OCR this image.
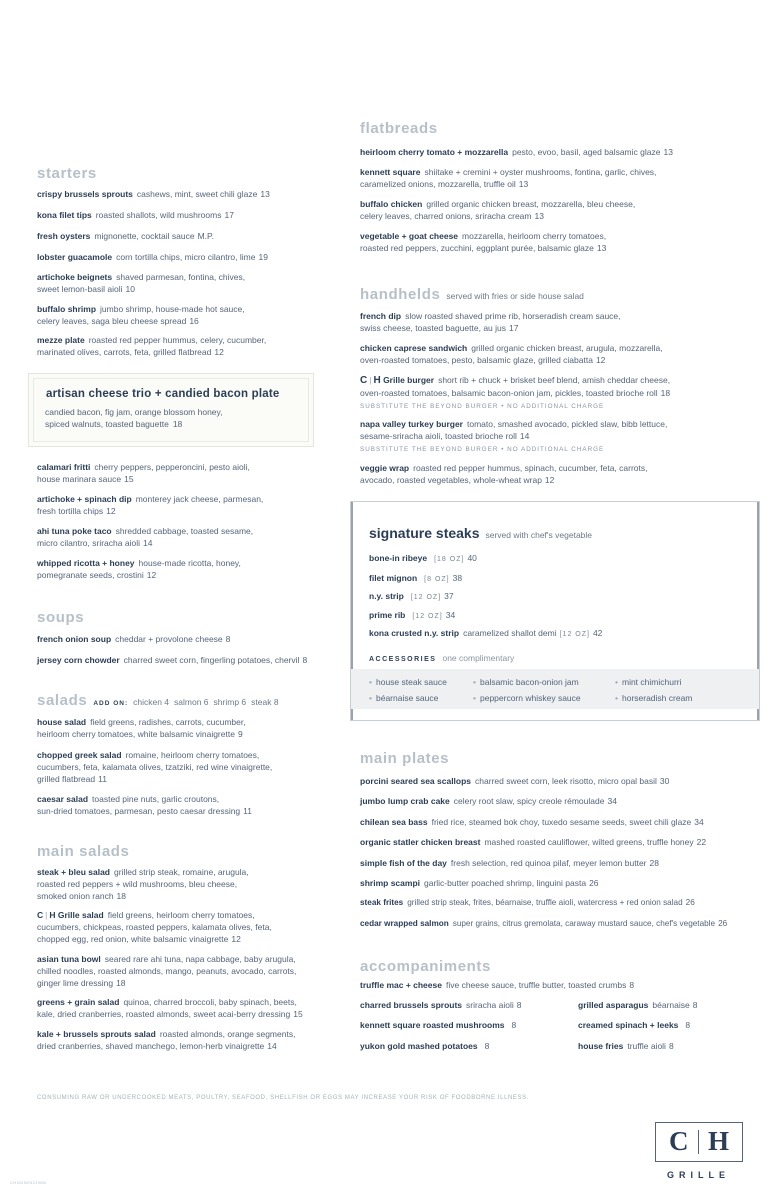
starters
crispy brussels sprouts cashews, mint, sweet chili glaze 13
kona filet tips roasted shallots, wild mushrooms 17
fresh oysters mignonette, cocktail sauce M.P.
lobster guacamole corn tortilla chips, micro cilantro, lime 19
artichoke beignets shaved parmesan, fontina, chives,
sweet lemon-basil aioli 10
buffalo shrimp jumbo shrimp, house-made hot sauce,
celery leaves, saga bleu cheese spread 16
mezze plate roasted red pepper hummus, celery, cucumber,
marinated olives, carrots, feta, grilled flatbread 12
calamari fritti cherry peppers, pepperoncini, pesto aioli,
house marinara sauce 15
artichoke + spinach dip monterey jack cheese, parmesan,
fresh tortilla chips 12
ahi tuna poke taco shredded cabbage, toasted sesame,
micro cilantro, sriracha aioli 14
whipped ricotta + honey house-made ricotta, honey,
pomegranate seeds, crostini 12
soups
french onion soup cheddar + provolone cheese 8
jersey corn chowder charred sweet corn, fingerling potatoes, chervil 8
salads ADD ON: chicken 4 salmon 6 shrimp 6 steak 8
house salad field greens, radishes, carrots, cucumber,
heirloom cherry tomatoes, white balsamic vinaigrette 9
chopped greek salad romaine, heirloom cherry tomatoes,
cucumbers, feta, kalamata olives, tzatziki, red wine vinaigrette,
grilled flatbread 11
caesar salad toasted pine nuts, garlic croutons,
sun-dried tomatoes, parmesan, pesto caesar dressing 11
main salads
steak + bleu salad grilled strip steak, romaine, arugula,
roasted red peppers + wild mushrooms, bleu cheese,
smoked onion ranch 18
C | H Grille salad field greens, heirloom cherry tomatoes,
cucumbers, chickpeas, roasted peppers, kalamata olives, feta,
chopped egg, red onion, white balsamic vinaigrette 12
asian tuna bowl seared rare ahi tuna, napa cabbage, baby arugula,
chilled noodles, roasted almonds, mango, peanuts, avocado, carrots,
ginger lime dressing 18
greens + grain salad quinoa, charred broccoli, baby spinach, beets,
kale, dried cranberries, roasted almonds, sweet acai-berry dressing 15
kale + brussels sprouts salad roasted almonds, orange segments,
dried cranberries, shaved manchego, lemon-herb vinaigrette 14
artisan cheese trio + candied bacon plate
candied bacon, fig jam, orange blossom honey,
spiced walnuts, toasted baguette 18
flatbreads
heirloom cherry tomato + mozzarella pesto, evoo, basil, aged balsamic glaze 13
kennett square shiitake + cremini + oyster mushrooms, fontina, garlic, chives,
caramelized onions, mozzarella, truffle oil 13
buffalo chicken grilled organic chicken breast, mozzarella, bleu cheese,
celery leaves, charred onions, sriracha cream 13
vegetable + goat cheese mozzarella, heirloom cherry tomatoes,
roasted red peppers, zucchini, eggplant purée, balsamic glaze 13
handhelds served with fries or side house salad
french dip slow roasted shaved prime rib, horseradish cream sauce,
swiss cheese, toasted baguette, au jus 17
chicken caprese sandwich grilled organic chicken breast, arugula, mozzarella,
oven-roasted tomatoes, pesto, balsamic glaze, grilled ciabatta 12
C | H Grille burger short rib + chuck + brisket beef blend, amish cheddar cheese,
oven-roasted tomatoes, balsamic bacon-onion jam, pickles, toasted brioche roll 18
SUBSTITUTE THE BEYOND BURGER • NO ADDITIONAL CHARGE
napa valley turkey burger tomato, smashed avocado, pickled slaw, bibb lettuce,
sesame-sriracha aioli, toasted brioche roll 14
SUBSTITUTE THE BEYOND BURGER • NO ADDITIONAL CHARGE
veggie wrap roasted red pepper hummus, spinach, cucumber, feta, carrots,
avocado, roasted vegetables, whole-wheat wrap 12
main plates
porcini seared sea scallops charred sweet corn, leek risotto, micro opal basil 30
jumbo lump crab cake celery root slaw, spicy creole rémoulade 34
chilean sea bass fried rice, steamed bok choy, tuxedo sesame seeds, sweet chili glaze 34
organic statler chicken breast mashed roasted cauliflower, wilted greens, truffle honey 22
simple fish of the day fresh selection, red quinoa pilaf, meyer lemon butter 28
shrimp scampi garlic-butter poached shrimp, linguini pasta 26
steak frites grilled strip steak, frites, béarnaise, truffle aioli, watercress + red onion salad 26
cedar wrapped salmon super grains, citrus gremolata, caraway mustard sauce, chef's vegetable 26
accompaniments
truffle mac + cheese five cheese sauce, truffle butter, toasted crumbs 8
charred brussels sprouts sriracha aioli 8
kennett square roasted mushrooms 8
yukon gold mashed potatoes 8
grilled asparagus béarnaise 8
creamed spinach + leeks 8
house fries truffle aioli 8
signature steaks served with chef's vegetable
bone-in ribeye [18 OZ] 40
filet mignon [8 OZ] 38
n.y. strip [12 OZ] 37
prime rib [12 OZ] 34
kona crusted n.y. strip caramelized shallot demi [12 OZ] 42
ACCESSORIES one complimentary
• house steak sauce	• balsamic bacon-onion jam	• mint chimichurri
• béarnaise sauce	• peppercorn whiskey sauce	• horseradish cream
CONSUMING RAW OR UNDERCOOKED MEATS, POULTRY, SEAFOOD, SHELLFISH OR EGGS MAY INCREASE YOUR RISK OF FOODBORNE ILLNESS.
CHGDN0521WM
C H
GRILLE
